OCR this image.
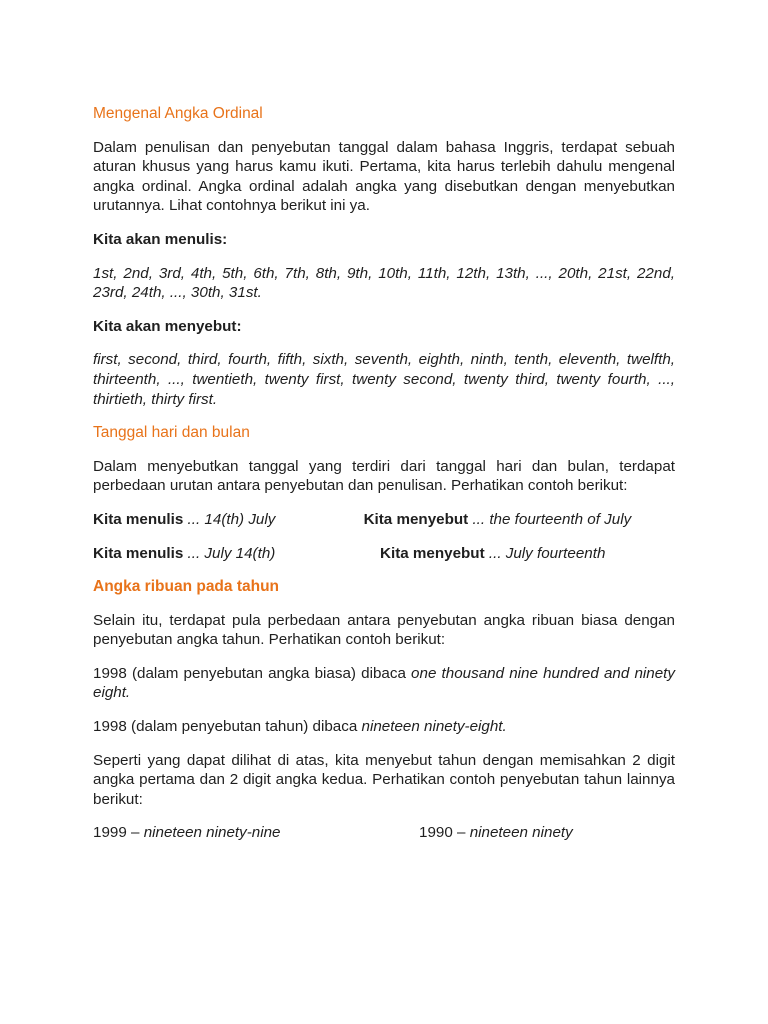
Mengenal Angka Ordinal
Dalam penulisan dan penyebutan tanggal dalam bahasa Inggris, terdapat sebuah aturan khusus yang harus kamu ikuti. Pertama, kita harus terlebih dahulu mengenal angka ordinal. Angka ordinal adalah angka yang disebutkan dengan menyebutkan urutannya. Lihat contohnya berikut ini ya.
Kita akan menulis:
1st, 2nd, 3rd, 4th, 5th, 6th, 7th, 8th, 9th, 10th, 11th, 12th, 13th, ..., 20th, 21st, 22nd, 23rd, 24th, ..., 30th, 31st.
Kita akan menyebut:
first, second, third, fourth, fifth, sixth, seventh, eighth, ninth, tenth, eleventh, twelfth, thirteenth, ..., twentieth, twenty first, twenty second, twenty third, twenty fourth, ..., thirtieth, thirty first.
Tanggal hari dan bulan
Dalam menyebutkan tanggal yang terdiri dari tanggal hari dan bulan, terdapat perbedaan urutan antara penyebutan dan penulisan. Perhatikan contoh berikut:
Kita menulis ... 14(th) July	Kita menyebut ... the fourteenth of July
Kita menulis ... July 14(th)	Kita menyebut ... July fourteenth
Angka ribuan pada tahun
Selain itu, terdapat pula perbedaan antara penyebutan angka ribuan biasa dengan penyebutan angka tahun. Perhatikan contoh berikut:
1998 (dalam penyebutan angka biasa) dibaca one thousand nine hundred and ninety eight.
1998 (dalam penyebutan tahun) dibaca nineteen ninety-eight.
Seperti yang dapat dilihat di atas, kita menyebut tahun dengan memisahkan 2 digit angka pertama dan 2 digit angka kedua. Perhatikan contoh penyebutan tahun lainnya berikut:
1999 – nineteen ninety-nine	1990 – nineteen ninety
